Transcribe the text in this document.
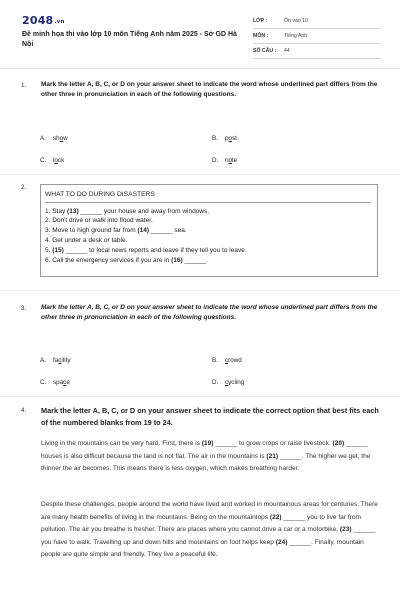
2048.vn
Đề minh họa thi vào lớp 10 môn Tiếng Anh năm 2025 - Sở GD Hà Nội
LỚP :	Ôn vào 10
MÔN :	Tiếng Anh
SỐ CÂU : 44
1. Mark the letter A, B, C, or D on your answer sheet to indicate the word whose underlined part differs from the other three in pronunciation in each of the following questions.
A. show	B. post
C. lock	D. note
2.
WHAT TO DO DURING DISASTERS
1. Stay (13) ______ your house and away from windows.
2. Don't drive or walk into flood water.
3. Move to high ground far from (14) ______ sea.
4. Get under a desk or table.
5. (15) ______ to local news reports and leave if they tell you to leave.
6. Call the emergency services if you are in (16) ______.
3. Mark the letter A, B, C, or D on your answer sheet to indicate the word whose underlined part differs from the other three in pronunciation in each of the following questions.
A. facility	B. crowd
C. space	D. cycling
4. Mark the letter A, B, C, or D on your answer sheet to indicate the correct option that best fits each of the numbered blanks from 19 to 24.
Living in the mountains can be very hard. First, there is (19) ______ to grow crops or raise livestock. (20) ______ houses is also difficult because the land is not flat. The air in the mountains is (21) ______. The higher we get, the thinner the air becomes. This means there is less oxygen, which makes breathing harder.
Despite these challenges, people around the world have lived and worked in mountainous areas for centuries. There are many health benefits of living in the mountains. Being on the mountaintops (22) ______ you to live far from pollution. The air you breathe is fresher. There are places where you cannot drive a car or a motorbike, (23) ______ you have to walk. Travelling up and down hills and mountains on foot helps keep (24) ______. Finally, mountain people are quite simple and friendly. They live a peaceful life.
